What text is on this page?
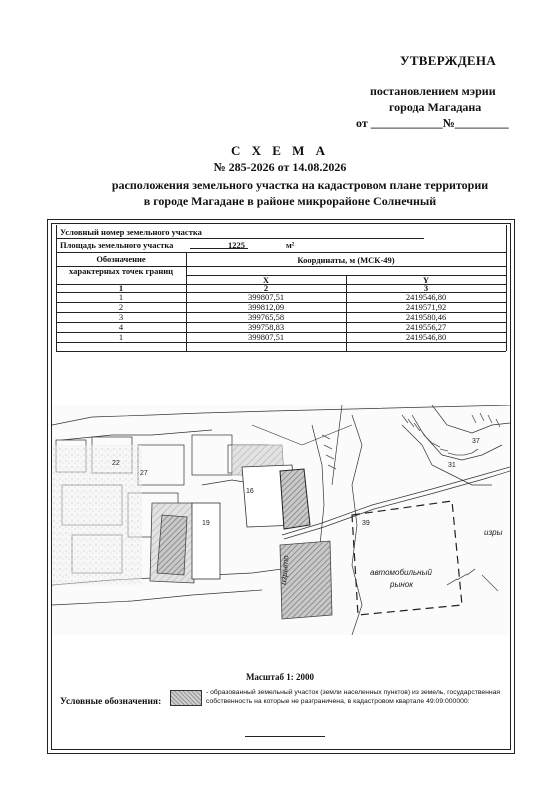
УТВЕРЖДЕНА
постановлением мэрии
города Магадана
от ____________№_________
С Х Е М А
№ 285-2026 от 14.08.2026
расположения земельного участка на кадастровом плане территории
в городе Магадане в районе микрорайоне Солнечный
Условный номер земельного участка
Площадь земельного участка	1225	м²
Обозначение
характерных точек границ
Координаты, м (МСК-49)
X	Y
1	2	3
1	399807,51	2419546,80
2	399812,09	2419571,92
3	399765,58	2419580,46
4	399758,83	2419556,27
1	399807,51	2419546,80
16
19
22
27
37
31
39
изрыто	автомобильный
рынок
изры
Масштаб 1: 2000
Условные обозначения:
- образованный земельный участок (земли населенных пунктов) из земель, государственная собственность на которые не разграничена, в кадастровом квартале 49:09:000000:
